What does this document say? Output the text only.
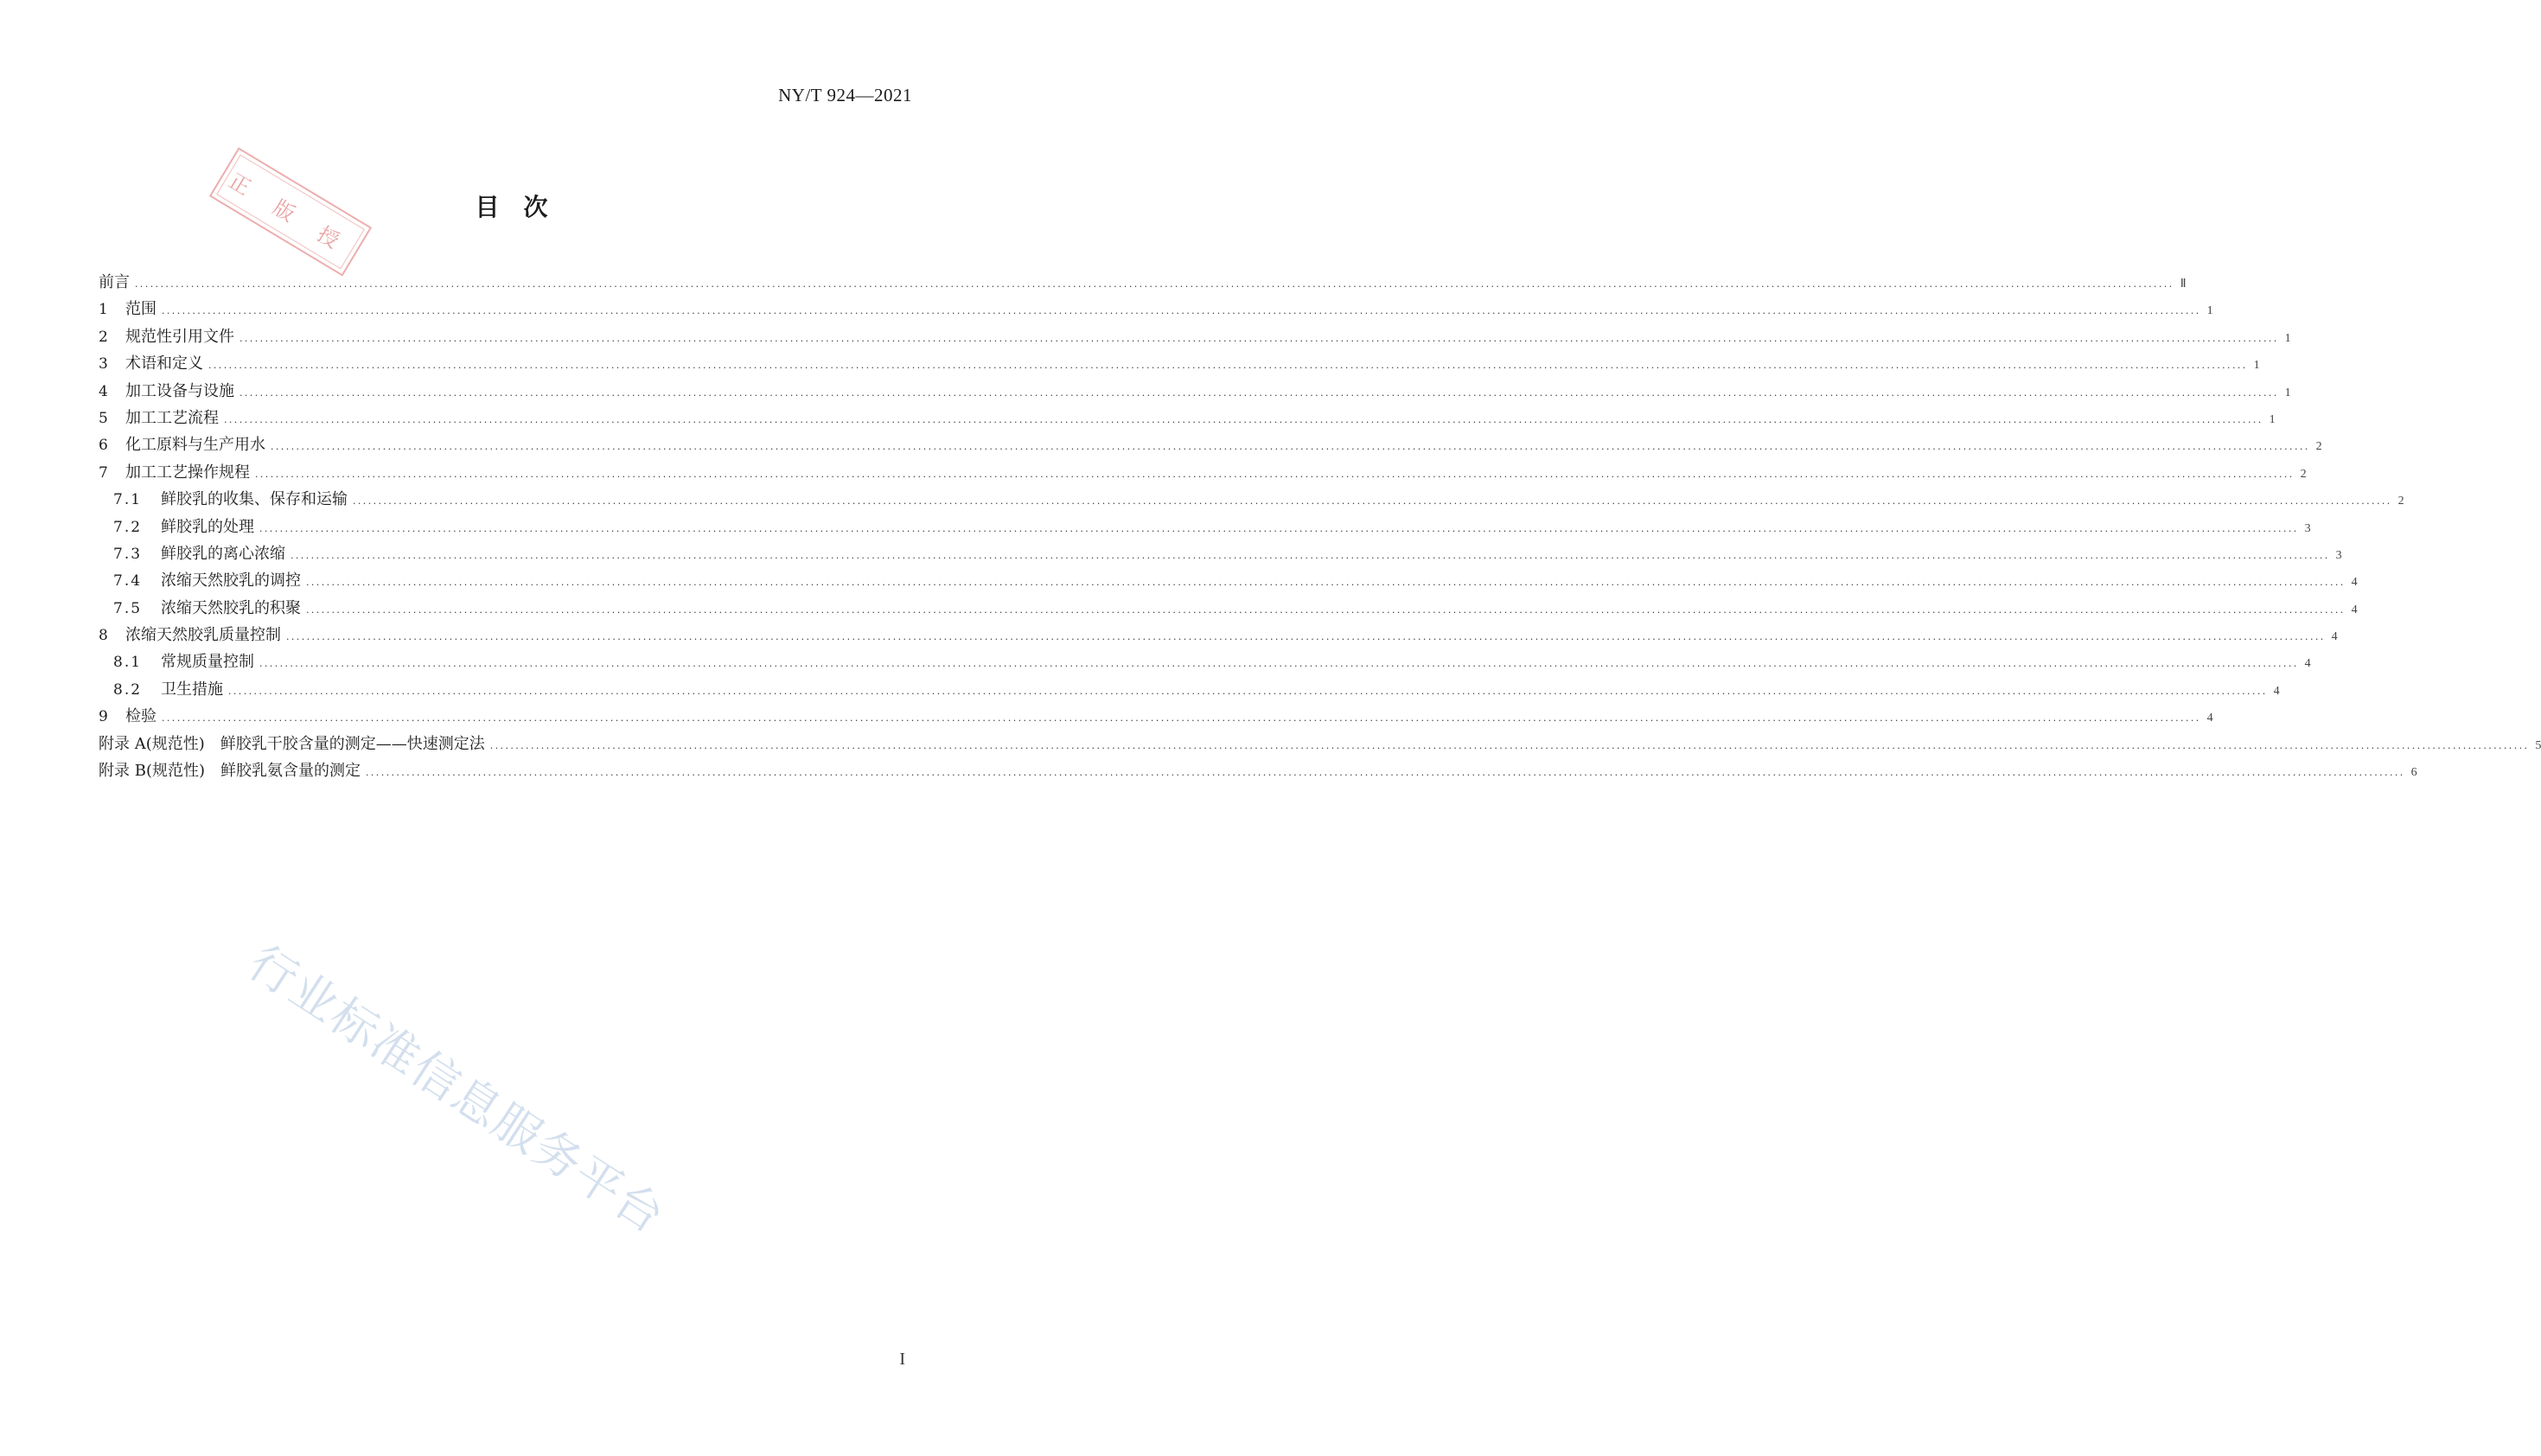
NY/T 924—2021
正 版 授	目　次
前言 ................................................................................................................................................................................................................................................................................................................................................................................................................ Ⅱ
1	范围 ................................................................................................................................................................................................................................................................................................................................................................................................................ 1
2	规范性引用文件 ................................................................................................................................................................................................................................................................................................................................................................................................................ 1
3	术语和定义 ................................................................................................................................................................................................................................................................................................................................................................................................................ 1
4	加工设备与设施 ................................................................................................................................................................................................................................................................................................................................................................................................................ 1
5	加工工艺流程 ................................................................................................................................................................................................................................................................................................................................................................................................................ 1
6	化工原料与生产用水 ................................................................................................................................................................................................................................................................................................................................................................................................................ 2
7	加工工艺操作规程 ................................................................................................................................................................................................................................................................................................................................................................................................................ 2
7.1	鲜胶乳的收集、保存和运输 ................................................................................................................................................................................................................................................................................................................................................................................................................ 2
7.2	鲜胶乳的处理 ................................................................................................................................................................................................................................................................................................................................................................................................................ 3
7.3	鲜胶乳的离心浓缩 ................................................................................................................................................................................................................................................................................................................................................................................................................ 3
7.4	浓缩天然胶乳的调控 ................................................................................................................................................................................................................................................................................................................................................................................................................ 4
7.5	浓缩天然胶乳的积聚 ................................................................................................................................................................................................................................................................................................................................................................................................................ 4
8	浓缩天然胶乳质量控制 ................................................................................................................................................................................................................................................................................................................................................................................................................ 4
8.1	常规质量控制 ................................................................................................................................................................................................................................................................................................................................................................................................................ 4
8.2	卫生措施 ................................................................................................................................................................................................................................................................................................................................................................................................................ 4
9	检验 ................................................................................................................................................................................................................................................................................................................................................................................................................ 4
附录 A(规范性)　鲜胶乳干胶含量的测定——快速测定法 ................................................................................................................................................................................................................................................................................................................................................................................................................ 5
附录 B(规范性)　鲜胶乳氨含量的测定 ................................................................................................................................................................................................................................................................................................................................................................................................................ 6
行业标准信息服务平台
I
